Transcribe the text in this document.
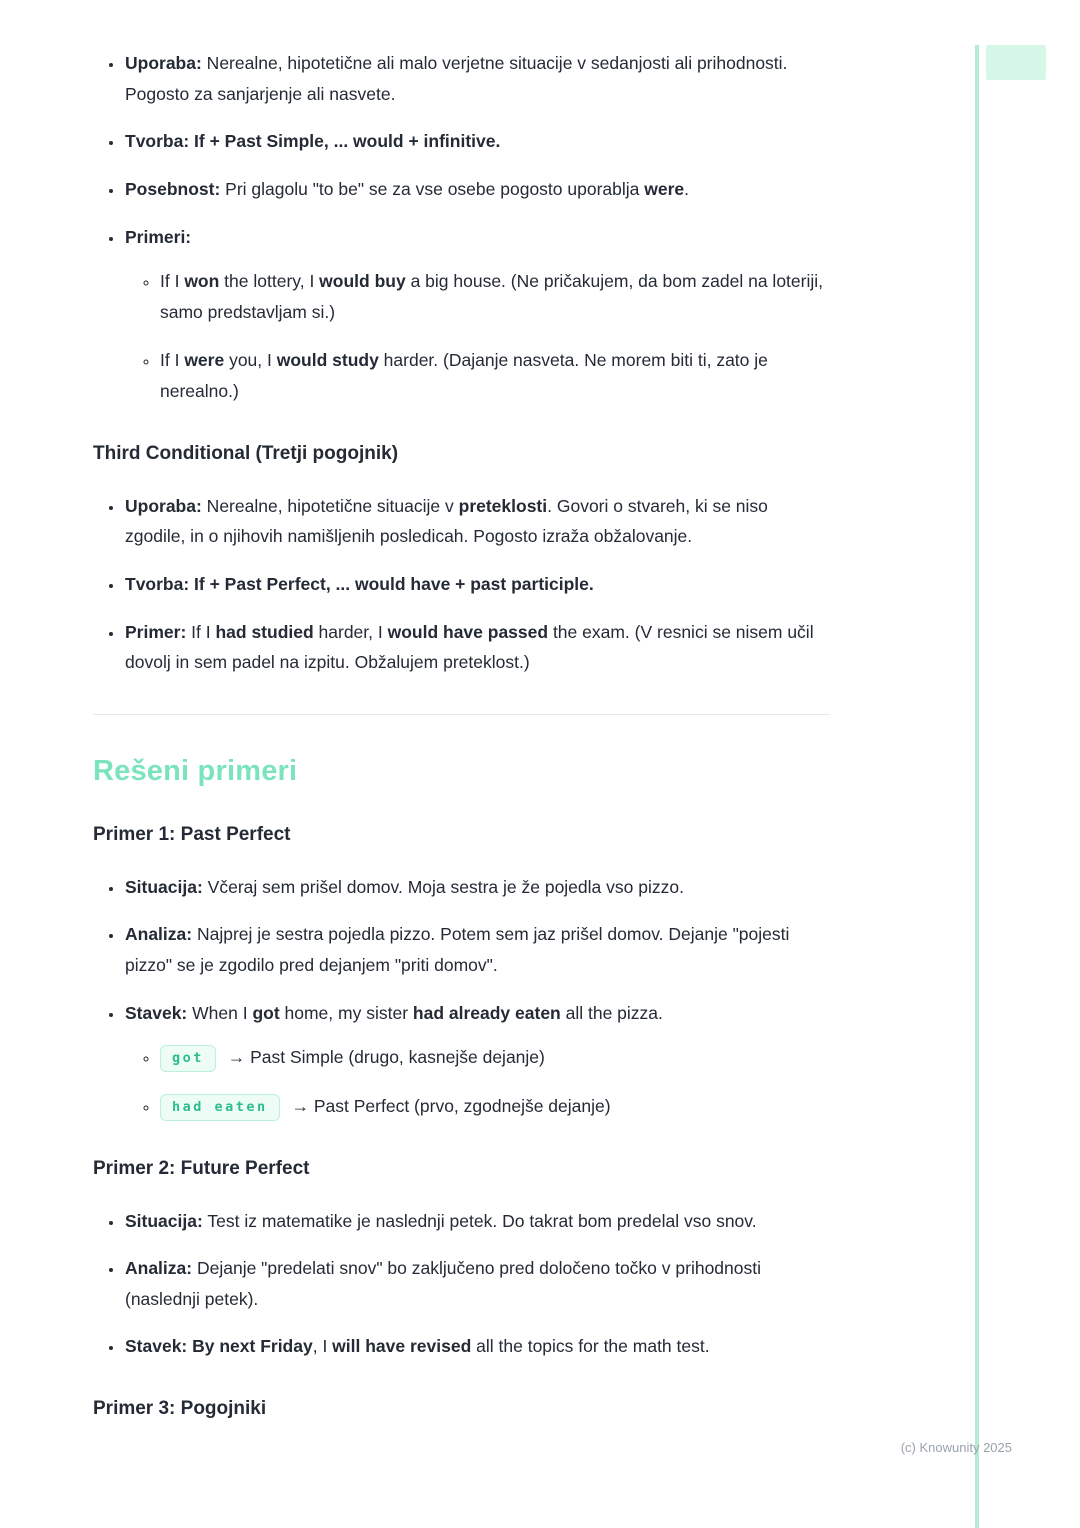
• Uporaba: Nerealne, hipotetične ali malo verjetne situacije v sedanjosti ali prihodnosti. Pogosto za sanjarjenje ali nasvete.
• Tvorba: If + Past Simple, ... would + infinitive.
• Posebnost: Pri glagolu "to be" se za vse osebe pogosto uporablja were.
• Primeri:
◦ If I won the lottery, I would buy a big house. (Ne pričakujem, da bom zadel na loteriji, samo predstavljam si.)
◦ If I were you, I would study harder. (Dajanje nasveta. Ne morem biti ti, zato je nerealno.)
Third Conditional (Tretji pogojnik)
• Uporaba: Nerealne, hipotetične situacije v preteklosti. Govori o stvareh, ki se niso zgodile, in o njihovih namišljenih posledicah. Pogosto izraža obžalovanje.
• Tvorba: If + Past Perfect, ... would have + past participle.
• Primer: If I had studied harder, I would have passed the exam. (V resnici se nisem učil dovolj in sem padel na izpitu. Obžalujem preteklost.)
Rešeni primeri
Primer 1: Past Perfect
• Situacija: Včeraj sem prišel domov. Moja sestra je že pojedla vso pizzo.
• Analiza: Najprej je sestra pojedla pizzo. Potem sem jaz prišel domov. Dejanje "pojesti pizzo" se je zgodilo pred dejanjem "priti domov".
• Stavek: When I got home, my sister had already eaten all the pizza.
◦ got → Past Simple (drugo, kasnejše dejanje)
◦ had eaten → Past Perfect (prvo, zgodnejše dejanje)
Primer 2: Future Perfect
• Situacija: Test iz matematike je naslednji petek. Do takrat bom predelal vso snov.
• Analiza: Dejanje "predelati snov" bo zaključeno pred določeno točko v prihodnosti (naslednji petek).
• Stavek: By next Friday, I will have revised all the topics for the math test.
Primer 3: Pogojniki
(c) Knowunity 2025
